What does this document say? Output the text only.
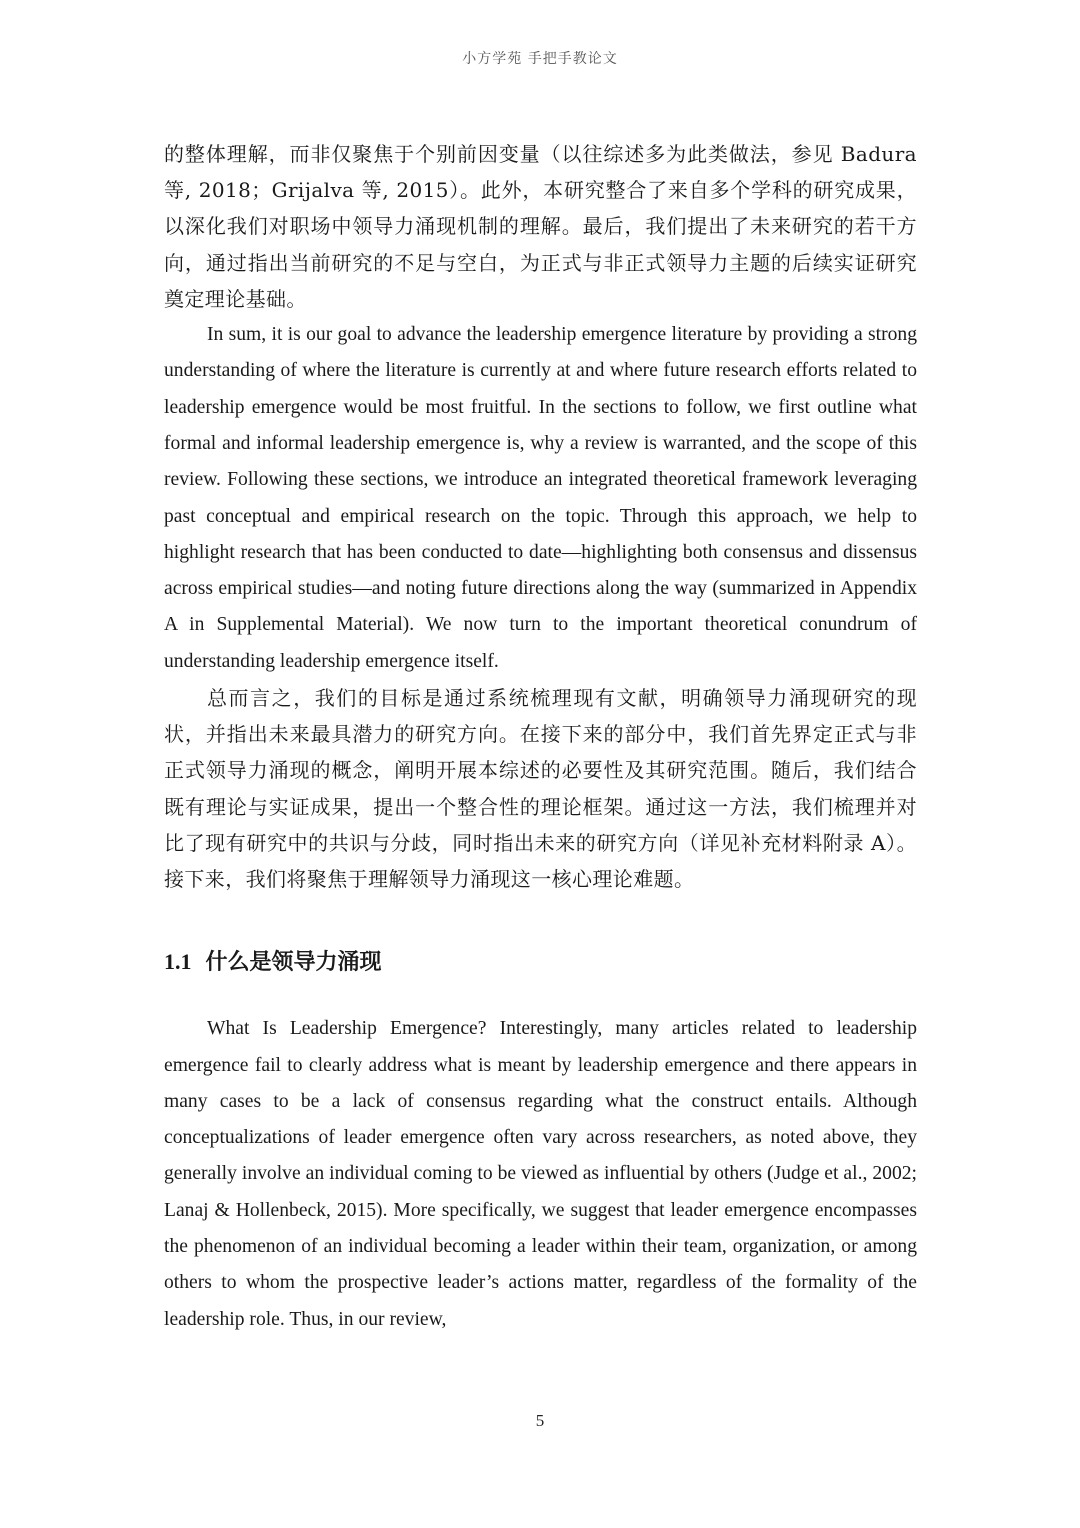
小方学苑 手把手教论文

的整体理解，而非仅聚焦于个别前因变量（以往综述多为此类做法，参见 Badura 等, 2018；Grijalva 等, 2015）。此外，本研究整合了来自多个学科的研究成果，以深化我们对职场中领导力涌现机制的理解。最后，我们提出了未来研究的若干方向，通过指出当前研究的不足与空白，为正式与非正式领导力主题的后续实证研究奠定理论基础。

In sum, it is our goal to advance the leadership emergence literature by providing a strong understanding of where the literature is currently at and where future research efforts related to leadership emergence would be most fruitful. In the sections to follow, we first outline what formal and informal leadership emergence is, why a review is warranted, and the scope of this review. Following these sections, we introduce an integrated theoretical framework leveraging past conceptual and empirical research on the topic. Through this approach, we help to highlight research that has been conducted to date—highlighting both consensus and dissensus across empirical studies—and noting future directions along the way (summarized in Appendix A in Supplemental Material). We now turn to the important theoretical conundrum of understanding leadership emergence itself.

总而言之，我们的目标是通过系统梳理现有文献，明确领导力涌现研究的现状，并指出未来最具潜力的研究方向。在接下来的部分中，我们首先界定正式与非正式领导力涌现的概念，阐明开展本综述的必要性及其研究范围。随后，我们结合既有理论与实证成果，提出一个整合性的理论框架。通过这一方法，我们梳理并对比了现有研究中的共识与分歧，同时指出未来的研究方向（详见补充材料附录 A）。接下来，我们将聚焦于理解领导力涌现这一核心理论难题。

1.1 什么是领导力涌现

What Is Leadership Emergence? Interestingly, many articles related to leadership emergence fail to clearly address what is meant by leadership emergence and there appears in many cases to be a lack of consensus regarding what the construct entails. Although conceptualizations of leader emergence often vary across researchers, as noted above, they generally involve an individual coming to be viewed as influential by others (Judge et al., 2002; Lanaj & Hollenbeck, 2015). More specifically, we suggest that leader emergence encompasses the phenomenon of an individual becoming a leader within their team, organization, or among others to whom the prospective leader’s actions matter, regardless of the formality of the leadership role. Thus, in our review,

5
